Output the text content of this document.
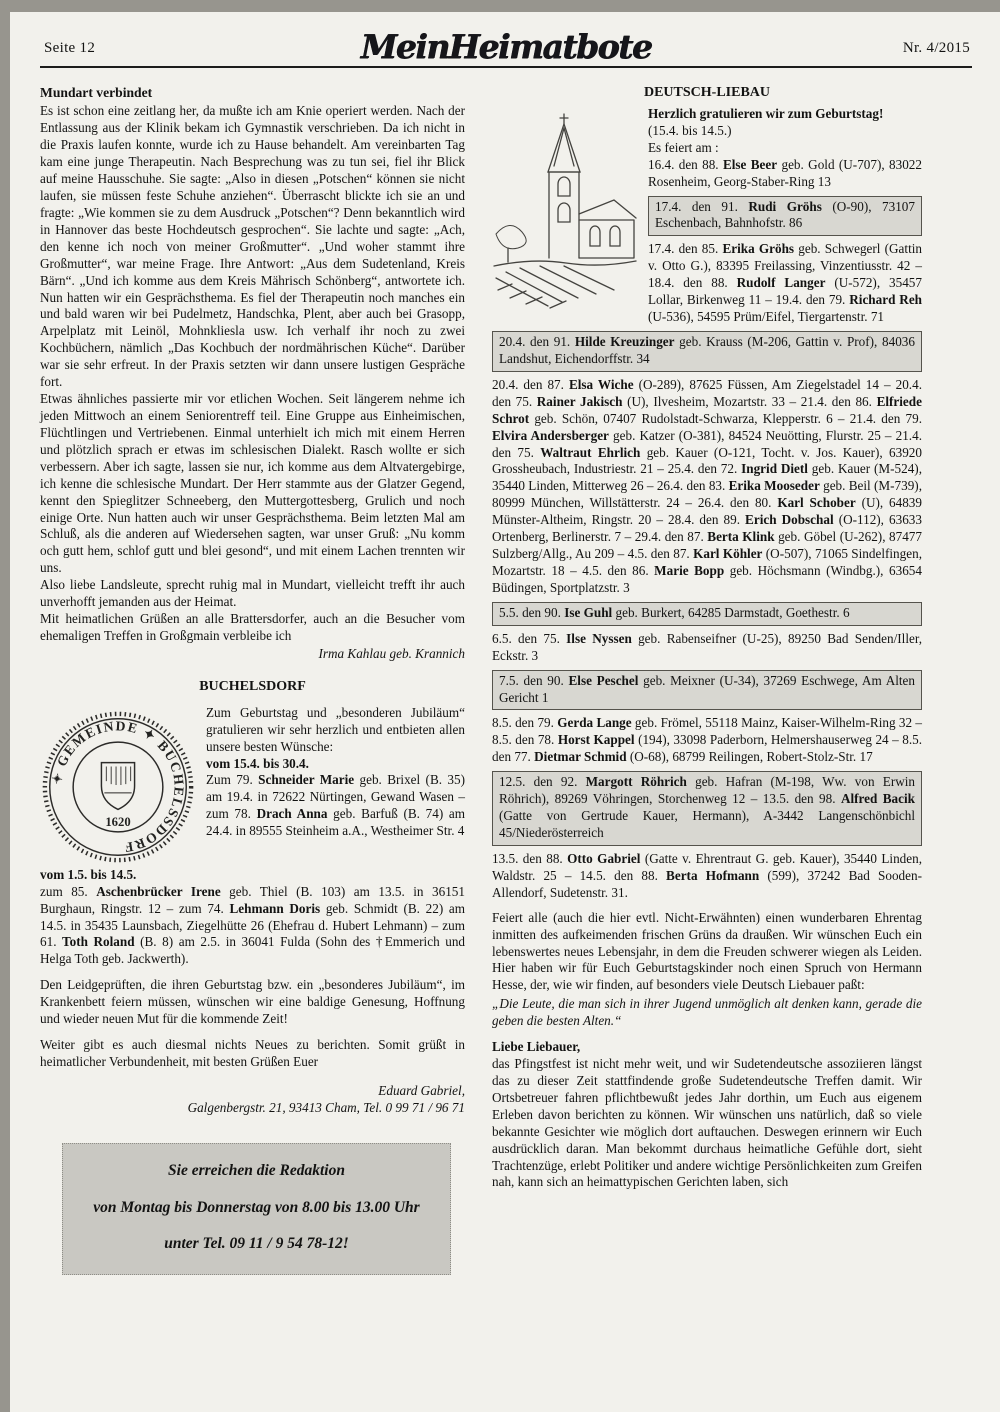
Seite 12	MeinHeimatbote	Nr. 4/2015
Mundart verbindet

Es ist schon eine zeitlang her, da mußte ich am Knie operiert werden. Nach der Entlassung aus der Klinik bekam ich Gymnastik verschrieben. Da ich nicht in die Praxis laufen konnte, wurde ich zu Hause behandelt. Am vereinbarten Tag kam eine junge Therapeutin. Nach Besprechung was zu tun sei, fiel ihr Blick auf meine Hausschuhe. Sie sagte: „Also in diesen „Potschen“ können sie nicht laufen, sie müssen feste Schuhe anziehen“. Überrascht blickte ich sie an und fragte: „Wie kommen sie zu dem Ausdruck „Potschen“? Denn bekanntlich wird in Hannover das beste Hochdeutsch gesprochen“. Sie lachte und sagte: „Ach, den kenne ich noch von meiner Großmutter“. „Und woher stammt ihre Großmutter“, war meine Frage. Ihre Antwort: „Aus dem Sudetenland, Kreis Bärn“. „Und ich komme aus dem Kreis Mährisch Schönberg“, antwortete ich. Nun hatten wir ein Gesprächsthema. Es fiel der Therapeutin noch manches ein und bald waren wir bei Pudelmetz, Handschka, Plent, aber auch bei Grasopp, Arpelplatz mit Leinöl, Mohnkliesla usw. Ich verhalf ihr noch zu zwei Kochbüchern, nämlich „Das Kochbuch der nordmährischen Küche“. Darüber war sie sehr erfreut. In der Praxis setzten wir dann unsere lustigen Gespräche fort.

Etwas ähnliches passierte mir vor etlichen Wochen. Seit längerem nehme ich jeden Mittwoch an einem Seniorentreff teil. Eine Gruppe aus Einheimischen, Flüchtlingen und Vertriebenen. Einmal unterhielt ich mich mit einem Herren und plötzlich sprach er etwas im schlesischen Dialekt. Rasch wollte er sich verbessern. Aber ich sagte, lassen sie nur, ich komme aus dem Altvatergebirge, ich kenne die schlesische Mundart. Der Herr stammte aus der Glatzer Gegend, kennt den Spieglitzer Schneeberg, den Muttergottesberg, Grulich und noch einige Orte. Nun hatten auch wir unser Gesprächsthema. Beim letzten Mal am Schluß, als die anderen auf Wiedersehen sagten, war unser Gruß: „Nu komm och gutt hem, schlof gutt und blei gesond“, und mit einem Lachen trennten wir uns.

Also liebe Landsleute, sprecht ruhig mal in Mundart, vielleicht trefft ihr auch unverhofft jemanden aus der Heimat.

Mit heimatlichen Grüßen an alle Brattersdorfer, auch an die Besucher vom ehemaligen Treffen in Großgmain verbleibe ich

Irma Kahlau geb. Krannich

BUCHELSDORF
✦ GEMEINDE ✦ BUCHELSSDORF
1620

Zum Geburtstag und „besonderen Jubiläum“ gratulieren wir sehr herzlich und entbieten allen unsere besten Wünsche:

vom 15.4. bis 30.4.

Zum 79. Schneider Marie geb. Brixel (B. 35) am 19.4. in 72622 Nürtingen, Gewand Wasen – zum 78. Drach Anna geb. Barfuß (B. 74) am 24.4. in 89555 Steinheim a.A., Westheimer Str. 4

vom 1.5. bis 14.5.

zum 85. Aschenbrücker Irene geb. Thiel (B. 103) am 13.5. in 36151 Burghaun, Ringstr. 12 – zum 74. Lehmann Doris geb. Schmidt (B. 22) am 14.5. in 35435 Launsbach, Ziegelhütte 26 (Ehefrau d. Hubert Lehmann) – zum 61. Toth Roland (B. 8) am 2.5. in 36041 Fulda (Sohn des †Emmerich und Helga Toth geb. Jackwerth).

Den Leidgeprüften, die ihren Geburtstag bzw. ein „besonderes Jubiläum“, im Krankenbett feiern müssen, wünschen wir eine baldige Genesung, Hoffnung und wieder neuen Mut für die kommende Zeit!

Weiter gibt es auch diesmal nichts Neues zu berichten. Somit grüßt in heimatlicher Verbundenheit, mit besten Grüßen Euer

Eduard Gabriel,
Galgenbergstr. 21, 93413 Cham, Tel. 0 99 71 / 96 71
Sie erreichen die Redaktion
von Montag bis Donnerstag von 8.00 bis 13.00 Uhr
unter Tel. 09 11 / 9 54 78-12!
DEUTSCH-LIEBAU

Herzlich gratulieren wir zum Geburtstag!

(15.4. bis 14.5.)

Es feiert am :

16.4. den 88. Else Beer geb. Gold (U-707), 83022 Rosenheim, Georg-Staber-Ring 13

17.4. den 91. Rudi Gröhs (O-90), 73107 Eschenbach, Bahnhofstr. 86

17.4. den 85. Erika Gröhs geb. Schwegerl (Gattin v. Otto G.), 83395 Freilassing, Vinzentiusstr. 42 – 18.4. den 88. Rudolf Langer (U-572), 35457 Lollar, Birkenweg 11 – 19.4. den 79. Richard Reh (U-536), 54595 Prüm/Eifel, Tiergartenstr. 71

20.4. den 91. Hilde Kreuzinger geb. Krauss (M-206, Gattin v. Prof), 84036 Landshut, Eichendorffstr. 34

20.4. den 87. Elsa Wiche (O-289), 87625 Füssen, Am Ziegelstadel 14 – 20.4. den 75. Rainer Jakisch (U), Ilvesheim, Mozartstr. 33 – 21.4. den 86. Elfriede Schrot geb. Schön, 07407 Rudolstadt-Schwarza, Klepperstr. 6 – 21.4. den 79. Elvira Andersberger geb. Katzer (O-381), 84524 Neuötting, Flurstr. 25 – 21.4. den 75. Waltraut Ehrlich geb. Kauer (O-121, Tocht. v. Jos. Kauer), 63920 Grossheubach, Industriestr. 21 – 25.4. den 72. Ingrid Dietl geb. Kauer (M-524), 35440 Linden, Mitterweg 26 – 26.4. den 83. Erika Mooseder geb. Beil (M-739), 80999 München, Willstätterstr. 24 – 26.4. den 80. Karl Schober (U), 64839 Münster-Altheim, Ringstr. 20 – 28.4. den 89. Erich Dobschal (O-112), 63633 Ortenberg, Berlinerstr. 7 – 29.4. den 87. Berta Klink geb. Göbel (U-262), 87477 Sulzberg/Allg., Au 209 – 4.5. den 87. Karl Köhler (O-507), 71065 Sindelfingen, Mozartstr. 18 – 4.5. den 86. Marie Bopp geb. Höchsmann (Windbg.), 63654 Büdingen, Sportplatzstr. 3

5.5. den 90. Ise Guhl geb. Burkert, 64285 Darmstadt, Goethestr. 6

6.5. den 75. Ilse Nyssen geb. Rabenseifner (U-25), 89250 Bad Senden/Iller, Eckstr. 3

7.5. den 90. Else Peschel geb. Meixner (U-34), 37269 Eschwege, Am Alten Gericht 1

8.5. den 79. Gerda Lange geb. Frömel, 55118 Mainz, Kaiser-Wilhelm-Ring 32 – 8.5. den 78. Horst Kappel (194), 33098 Paderborn, Helmershauserweg 24 – 8.5. den 77. Dietmar Schmid (O-68), 68799 Reilingen, Robert-Stolz-Str. 17

12.5. den 92. Margott Röhrich geb. Hafran (M-198, Ww. von Erwin Röhrich), 89269 Vöhringen, Storchenweg 12 – 13.5. den 98. Alfred Bacik (Gatte von Gertrude Kauer, Hermann), A-3442 Langenschönbichl 45/Niederösterreich

13.5. den 88. Otto Gabriel (Gatte v. Ehrentraut G. geb. Kauer), 35440 Linden, Waldstr. 25 – 14.5. den 88. Berta Hofmann (599), 37242 Bad Sooden-Allendorf, Sudetenstr. 31.

Feiert alle (auch die hier evtl. Nicht-Erwähnten) einen wunderbaren Ehrentag inmitten des aufkeimenden frischen Grüns da draußen. Wir wünschen Euch ein lebenswertes neues Lebensjahr, in dem die Freuden schwerer wiegen als Leiden. Hier haben wir für Euch Geburtstagskinder noch einen Spruch von Hermann Hesse, der, wie wir finden, auf besonders viele Deutsch Liebauer paßt:

„Die Leute, die man sich in ihrer Jugend unmöglich alt denken kann, gerade die geben die besten Alten.“

Liebe Liebauer,

das Pfingstfest ist nicht mehr weit, und wir Sudetendeutsche assoziieren längst das zu dieser Zeit stattfindende große Sudetendeutsche Treffen damit. Wir Ortsbetreuer fahren pflichtbewußt jedes Jahr dorthin, um Euch aus eigenem Erleben davon berichten zu können. Wir wünschen uns natürlich, daß so viele bekannte Gesichter wie möglich dort auftauchen. Deswegen erinnern wir Euch ausdrücklich daran. Man bekommt durchaus heimatliche Gefühle dort, sieht Trachtenzüge, erlebt Politiker und andere wichtige Persönlichkeiten zum Greifen nah, kann sich an heimattypischen Gerichten laben, sich
